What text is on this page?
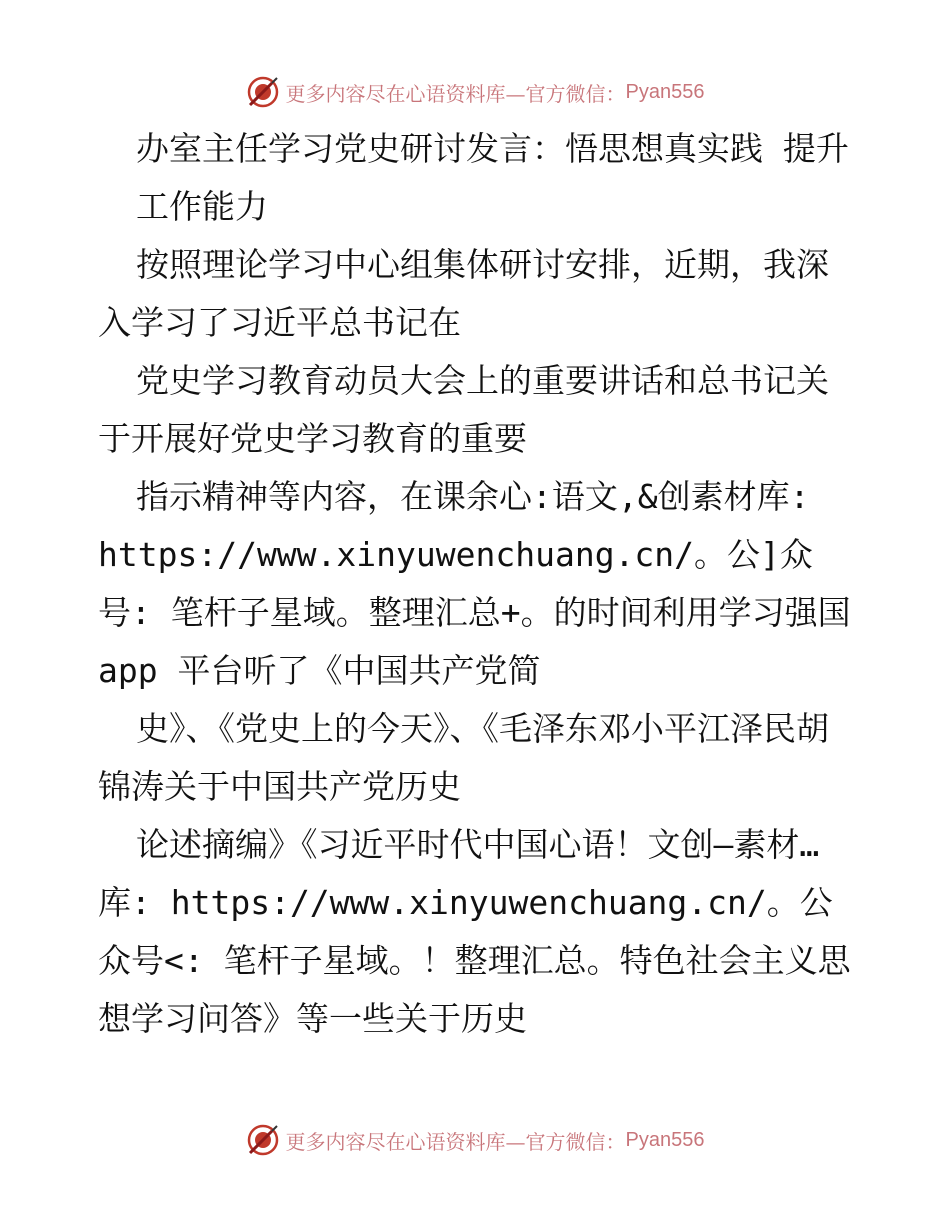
更多内容尽在心语资料库—官方微信： Pyan556

办室主任学习党史研讨发言：悟思想真实践 提升

工作能力

按照理论学习中心组集体研讨安排，近期，我深入学习了习近平总书记在

党史学习教育动员大会上的重要讲话和总书记关于开展好党史学习教育的重要

指示精神等内容，在课余心:语文,&创素材库: https://www.xinyuwenchuang.cn/。公]众号: 笔杆子星域。整理汇总+。的时间利用学习强国 app 平台听了《中国共产党简

史》、《党史上的今天》、《毛泽东邓小平江泽民胡锦涛关于中国共产党历史

论述摘编》《习近平时代中国心语！文创—素材…库: https://www.xinyuwenchuang.cn/。公众号<: 笔杆子星域。！整理汇总。特色社会主义思想学习问答》等一些关于历史

更多内容尽在心语资料库—官方微信： Pyan556
